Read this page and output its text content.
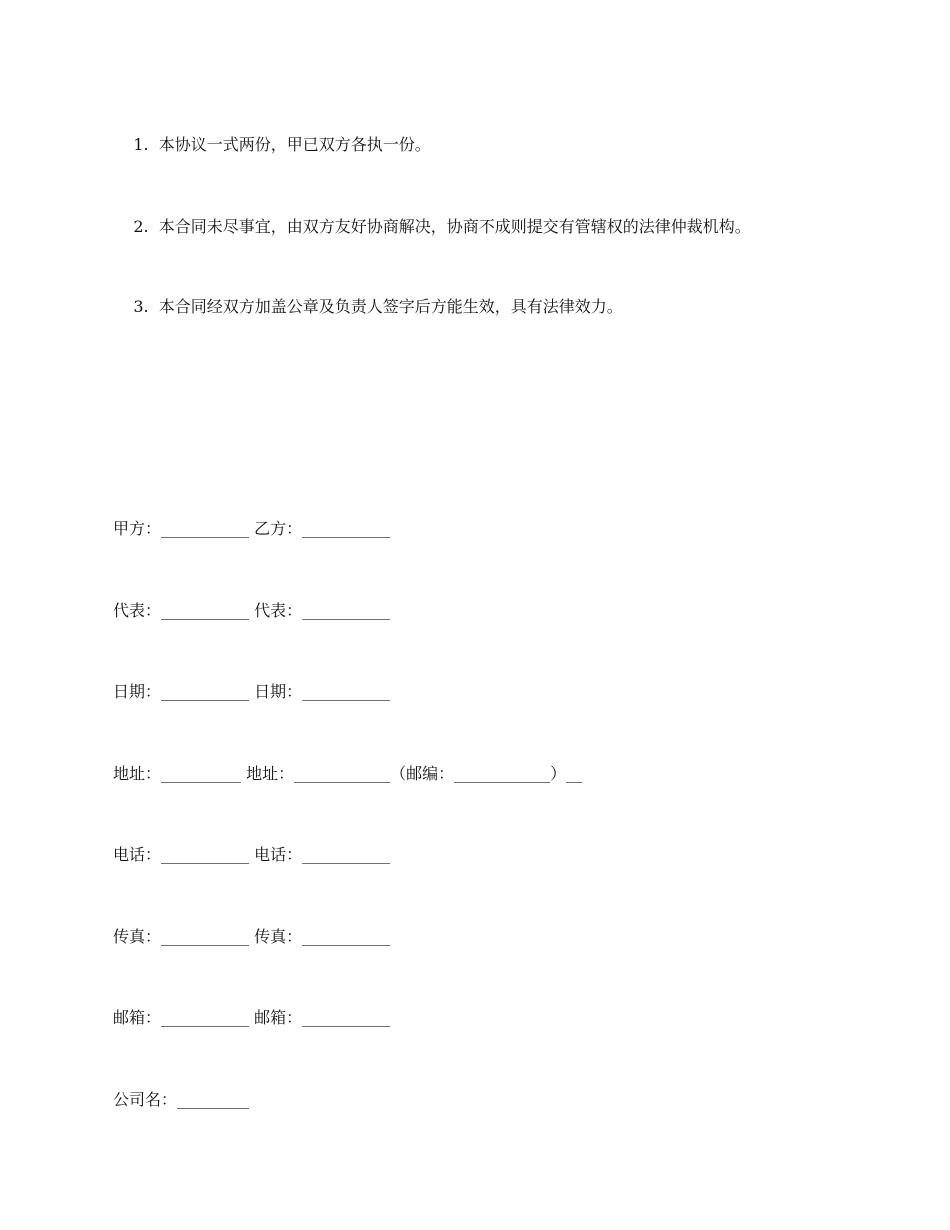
1. 本协议一式两份，甲已双方各执一份。

2. 本合同未尽事宜，由双方友好协商解决，协商不成则提交有管辖权的法律仲裁机构。

3. 本合同经双方加盖公章及负责人签字后方能生效，具有法律效力。

甲方：___________ 乙方：___________
代表：___________ 代表：___________
日期：___________ 日期：___________
地址：__________ 地址：____________（邮编：____________）__
电话：___________ 电话：___________
传真：___________ 传真：___________
邮箱：___________ 邮箱：___________
公司名：_________
